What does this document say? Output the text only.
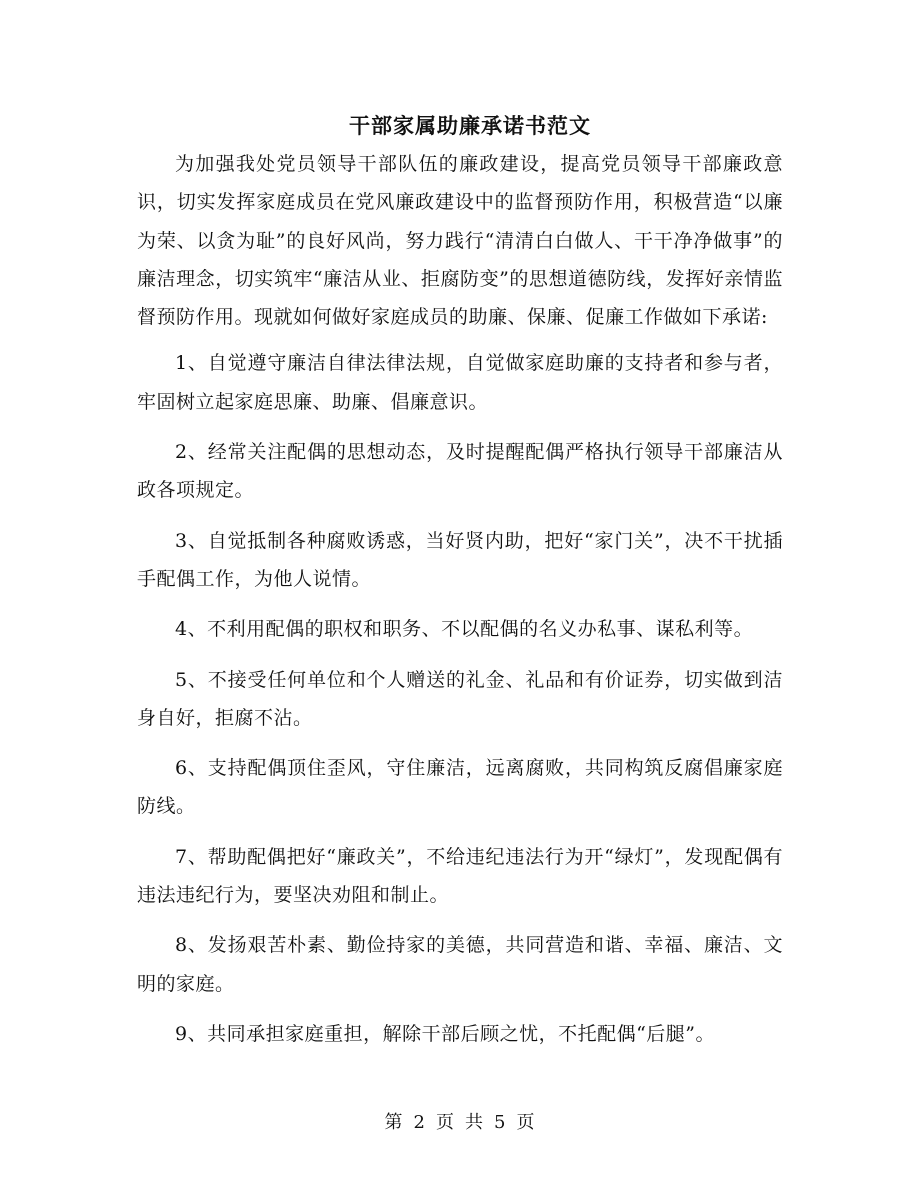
干部家属助廉承诺书范文

为加强我处党员领导干部队伍的廉政建设，提高党员领导干部廉政意识，切实发挥家庭成员在党风廉政建设中的监督预防作用，积极营造“以廉为荣、以贪为耻”的良好风尚，努力践行“清清白白做人、干干净净做事”的廉洁理念，切实筑牢“廉洁从业、拒腐防变”的思想道德防线，发挥好亲情监督预防作用。现就如何做好家庭成员的助廉、保廉、促廉工作做如下承诺:

1、自觉遵守廉洁自律法律法规，自觉做家庭助廉的支持者和参与者，牢固树立起家庭思廉、助廉、倡廉意识。

2、经常关注配偶的思想动态，及时提醒配偶严格执行领导干部廉洁从政各项规定。

3、自觉抵制各种腐败诱惑，当好贤内助，把好“家门关”，决不干扰插手配偶工作，为他人说情。

4、不利用配偶的职权和职务、不以配偶的名义办私事、谋私利等。

5、不接受任何单位和个人赠送的礼金、礼品和有价证券，切实做到洁身自好，拒腐不沾。

6、支持配偶顶住歪风，守住廉洁，远离腐败，共同构筑反腐倡廉家庭防线。

7、帮助配偶把好“廉政关”，不给违纪违法行为开“绿灯”，发现配偶有违法违纪行为，要坚决劝阻和制止。

8、发扬艰苦朴素、勤俭持家的美德，共同营造和谐、幸福、廉洁、文明的家庭。

9、共同承担家庭重担，解除干部后顾之忧，不托配偶“后腿”。

第 2 页 共 5 页
